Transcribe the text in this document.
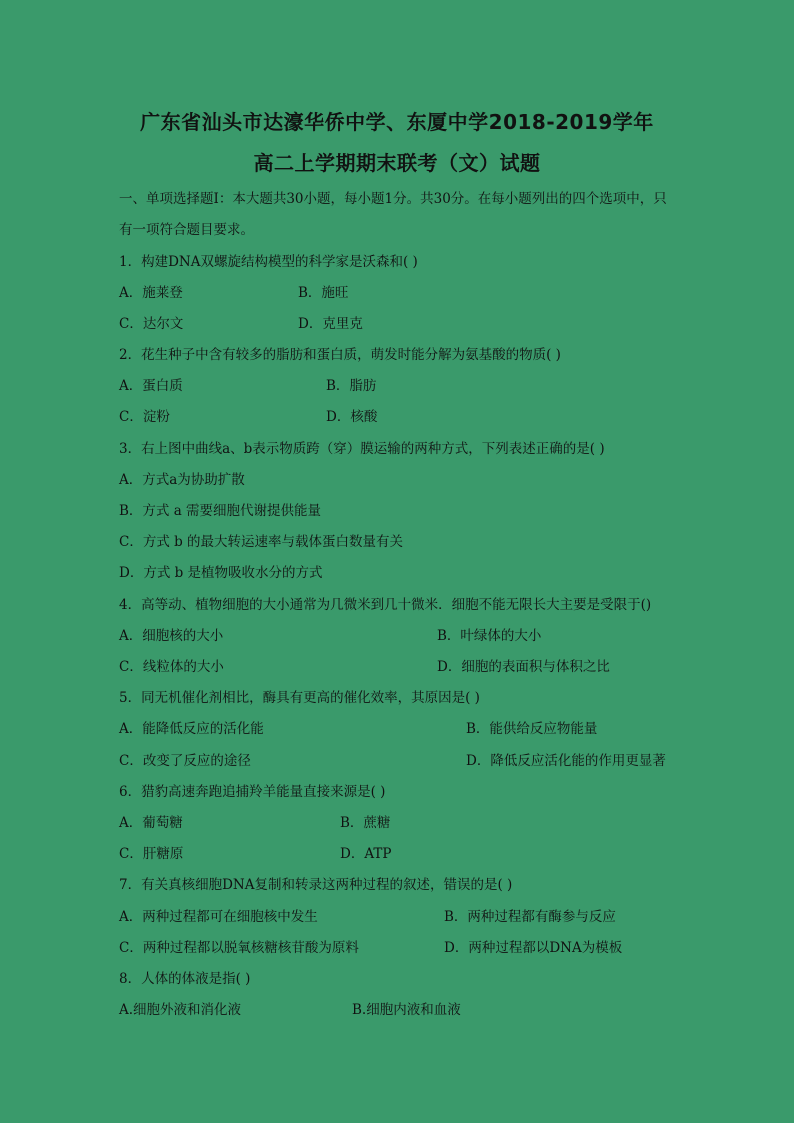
广东省汕头市达濠华侨中学、东厦中学2018-2019学年
高二上学期期末联考（文）试题
一、单项选择题I：本大题共30小题，每小题1分。共30分。在每小题列出的四个选项中，只
有一项符合题目要求。
1．构建DNA双螺旋结构模型的科学家是沃森和( )
A．施莱登	B．施旺
C．达尔文	D．克里克
2．花生种子中含有较多的脂肪和蛋白质，萌发时能分解为氨基酸的物质( )
A．蛋白质	B．脂肪
C．淀粉	D．核酸
3．右上图中曲线a、b表示物质跨（穿）膜运输的两种方式，下列表述正确的是( )
A．方式a为协助扩散
B．方式 a 需要细胞代谢提供能量
C．方式 b 的最大转运速率与载体蛋白数量有关
D．方式 b 是植物吸收水分的方式
4．高等动、植物细胞的大小通常为几微米到几十微米．细胞不能无限长大主要是受限于()
A．细胞核的大小	B．叶绿体的大小
C．线粒体的大小	D．细胞的表面积与体积之比
5．同无机催化剂相比，酶具有更高的催化效率，其原因是( )
A．能降低反应的活化能	B．能供给反应物能量
C．改变了反应的途径	D．降低反应活化能的作用更显著
6．猎豹高速奔跑追捕羚羊能量直接来源是( )
A．葡萄糖	B．蔗糖
C．肝糖原	D．ATP
7．有关真核细胞DNA复制和转录这两种过程的叙述，错误的是( )
A．两种过程都可在细胞核中发生	B．两种过程都有酶参与反应
C．两种过程都以脱氧核糖核苷酸为原料	D．两种过程都以DNA为模板
8．人体的体液是指( )
A.细胞外液和消化液	B.细胞内液和血液
